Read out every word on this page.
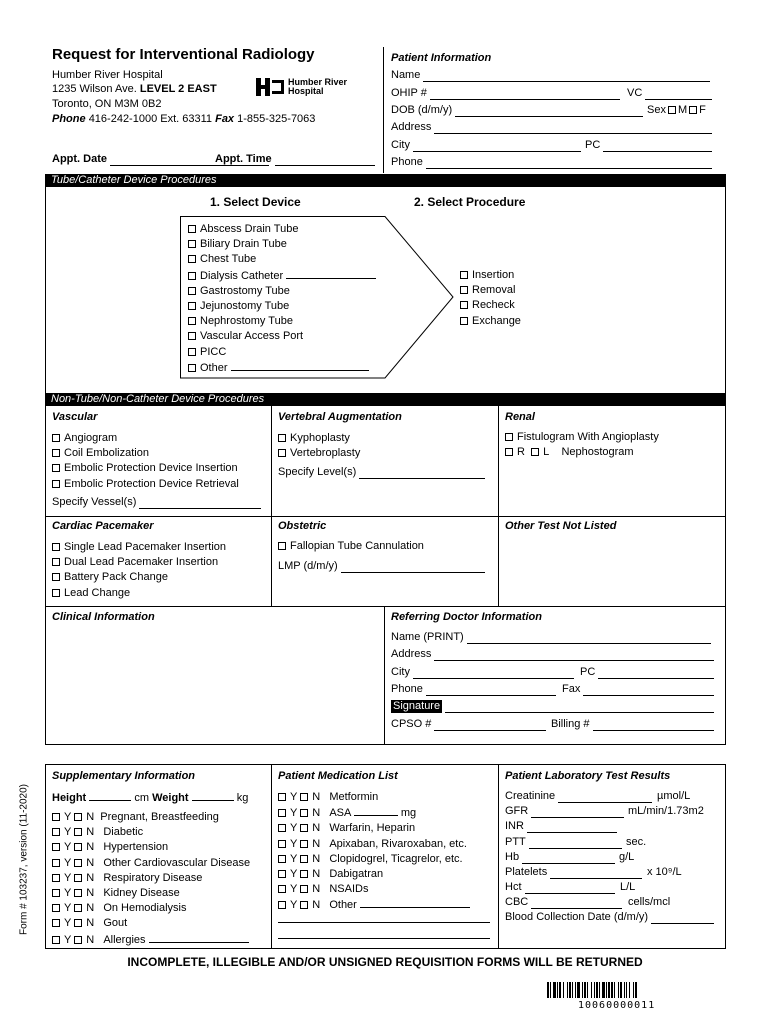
Request for Interventional Radiology
Humber River Hospital
1235 Wilson Ave. LEVEL 2 EAST
Toronto, ON M3M 0B2
Phone 416-242-1000 Ext. 63311 Fax 1-855-325-7063
Humber River
Hospital
Appt. Date	Appt. Time
Patient Information
Name
OHIP #	VC
DOB (d/m/y)	Sex M F
Address
City	PC
Phone
Tube/Catheter Device Procedures
1. Select Device	2. Select Procedure
Abscess Drain Tube
Biliary Drain Tube
Chest Tube
Dialysis Catheter
Gastrostomy Tube
Jejunostomy Tube
Nephrostomy Tube
Vascular Access Port
PICC
Other
Insertion
Removal
Recheck
Exchange
Non-Tube/Non-Catheter Device Procedures
Vascular
Angiogram
Coil Embolization
Embolic Protection Device Insertion
Embolic Protection Device Retrieval
Specify Vessel(s)
Vertebral Augmentation
Kyphoplasty
Vertebroplasty
Specify Level(s)
Renal
Fistulogram With Angioplasty
R L Nephostogram
Cardiac Pacemaker
Single Lead Pacemaker Insertion
Dual Lead Pacemaker Insertion
Battery Pack Change
Lead Change
Obstetric
Fallopian Tube Cannulation
LMP (d/m/y)
Other Test Not Listed
Clinical Information	Referring Doctor Information
Name (PRINT)
Address
City	PC
Phone	Fax
Signature
CPSO #	Billing #
Form # 103237, version (11-2020)
Supplementary Information
Height	cm Weight	kg
Y N Pregnant, Breastfeeding
Y N Diabetic
Y N Hypertension
Y N Other Cardiovascular Disease
Y N Respiratory Disease
Y N Kidney Disease
Y N On Hemodialysis
Y N Gout
Y N Allergies
Patient Medication List
Y N Metformin
Y N ASA	mg
Y N Warfarin, Heparin
Y N Apixaban, Rivaroxaban, etc.
Y N Clopidogrel, Ticagrelor, etc.
Y N Dabigatran
Y N NSAIDs
Y N Other
Patient Laboratory Test Results
Creatinine	µmol/L
GFR	mL/min/1.73m2
INR
PTT	sec.
Hb	g/L
Platelets	x 10⁹/L
Hct	L/L
CBC	cells/mcl
Blood Collection Date (d/m/y)
INCOMPLETE, ILLEGIBLE AND/OR UNSIGNED REQUISITION FORMS WILL BE RETURNED
10060000011
